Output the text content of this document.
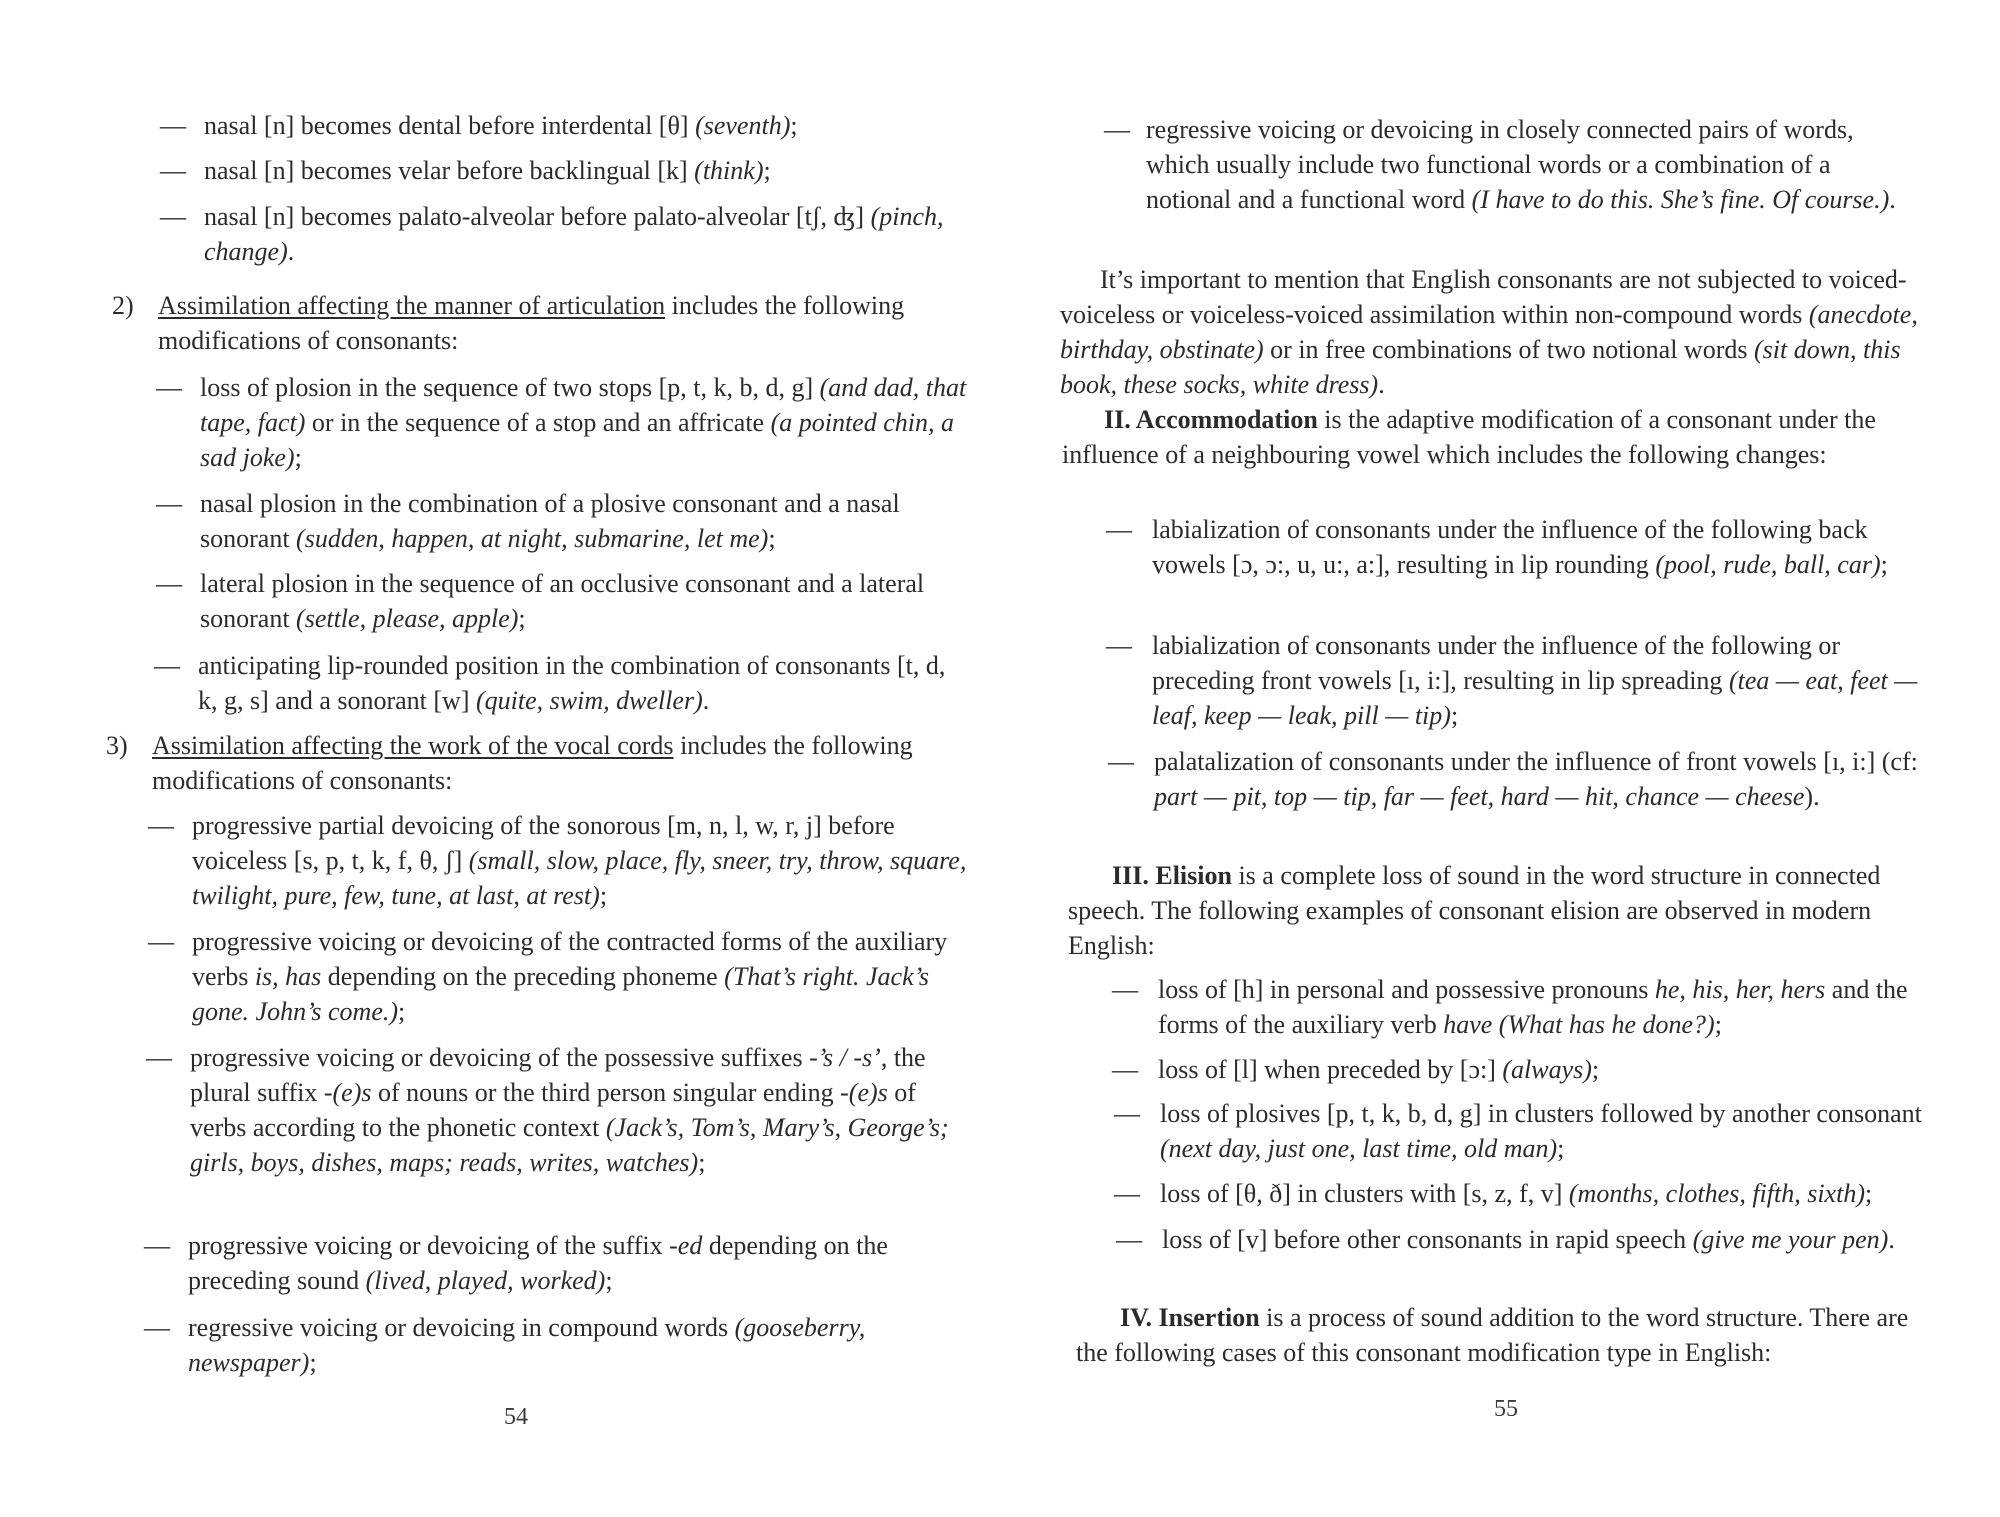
— nasal [n] becomes dental before interdental [θ] (seventh);
— nasal [n] becomes velar before backlingual [k] (think);
— nasal [n] becomes palato-alveolar before palato-alveolar [tʃ, ʤ] (pinch, change).
2) Assimilation affecting the manner of articulation includes the following modifications of consonants:
— loss of plosion in the sequence of two stops [p, t, k, b, d, g] (and dad, that tape, fact) or in the sequence of a stop and an affricate (a pointed chin, a sad joke);
— nasal plosion in the combination of a plosive consonant and a nasal sonorant (sudden, happen, at night, submarine, let me);
— lateral plosion in the sequence of an occlusive consonant and a lateral sonorant (settle, please, apple);
— anticipating lip-rounded position in the combination of consonants [t, d, k, g, s] and a sonorant [w] (quite, swim, dweller).
3) Assimilation affecting the work of the vocal cords includes the following modifications of consonants:
— progressive partial devoicing of the sonorous [m, n, l, w, r, j] before voiceless [s, p, t, k, f, θ, ʃ] (small, slow, place, fly, sneer, try, throw, square, twilight, pure, few, tune, at last, at rest);
— progressive voicing or devoicing of the contracted forms of the auxiliary verbs is, has depending on the preceding phoneme (That’s right. Jack’s gone. John’s come.);
— progressive voicing or devoicing of the possessive suffixes -’s / -s’, the plural suffix -(e)s of nouns or the third person singular ending -(e)s of verbs according to the phonetic context (Jack’s, Tom’s, Mary’s, George’s; girls, boys, dishes, maps; reads, writes, watches);
— progressive voicing or devoicing of the suffix -ed depending on the preceding sound (lived, played, worked);
— regressive voicing or devoicing in compound words (gooseberry, newspaper);
54
— regressive voicing or devoicing in closely connected pairs of words, which usually include two functional words or a combination of a notional and a functional word (I have to do this. She’s fine. Of course.).
It’s important to mention that English consonants are not subjected to voiced-voiceless or voiceless-voiced assimilation within non-compound words (anecdote, birthday, obstinate) or in free combinations of two notional words (sit down, this book, these socks, white dress).
II. Accommodation is the adaptive modification of a consonant under the influence of a neighbouring vowel which includes the following changes:
— labialization of consonants under the influence of the following back vowels [ɔ, ɔ:, u, u:, a:], resulting in lip rounding (pool, rude, ball, car);
— labialization of consonants under the influence of the following or preceding front vowels [ı, i:], resulting in lip spreading (tea — eat, feet — leaf, keep — leak, pill — tip);
— palatalization of consonants under the influence of front vowels [ı, i:] (cf: part — pit, top — tip, far — feet, hard — hit, chance — cheese).
III. Elision is a complete loss of sound in the word structure in connected speech. The following examples of consonant elision are observed in modern English:
— loss of [h] in personal and possessive pronouns he, his, her, hers and the forms of the auxiliary verb have (What has he done?);
— loss of [l] when preceded by [ɔ:] (always);
— loss of plosives [p, t, k, b, d, g] in clusters followed by another consonant (next day, just one, last time, old man);
— loss of [θ, ð] in clusters with [s, z, f, v] (months, clothes, fifth, sixth);
— loss of [v] before other consonants in rapid speech (give me your pen).
IV. Insertion is a process of sound addition to the word structure. There are the following cases of this consonant modification type in English:
55
